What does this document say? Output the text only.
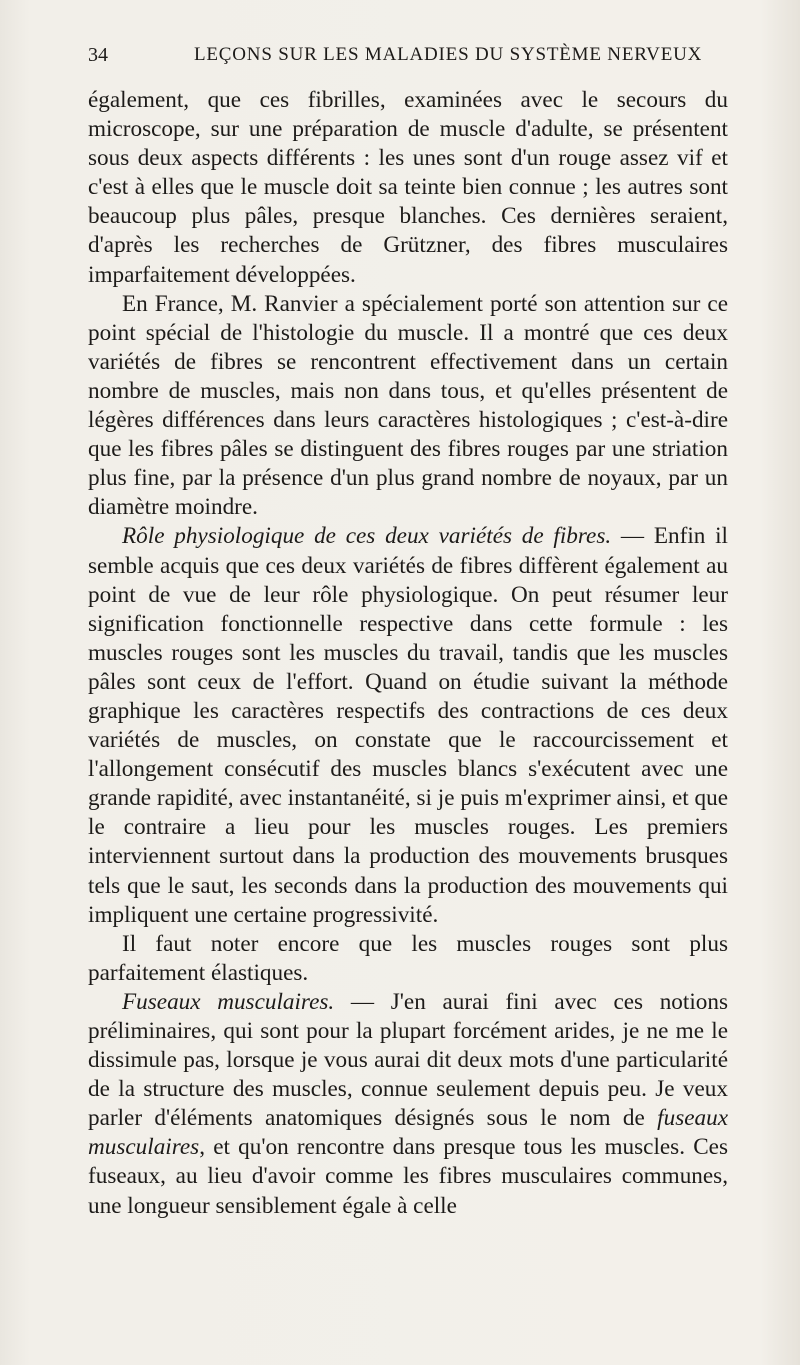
34	LEÇONS SUR LES MALADIES DU SYSTÈME NERVEUX

également, que ces fibrilles, examinées avec le secours du microscope, sur une préparation de muscle d'adulte, se présentent sous deux aspects différents : les unes sont d'un rouge assez vif et c'est à elles que le muscle doit sa teinte bien connue ; les autres sont beaucoup plus pâles, presque blanches. Ces dernières seraient, d'après les recherches de Grützner, des fibres musculaires imparfaitement développées.

En France, M. Ranvier a spécialement porté son attention sur ce point spécial de l'histologie du muscle. Il a montré que ces deux variétés de fibres se rencontrent effectivement dans un certain nombre de muscles, mais non dans tous, et qu'elles présentent de légères différences dans leurs caractères histologiques ; c'est-à-dire que les fibres pâles se distinguent des fibres rouges par une striation plus fine, par la présence d'un plus grand nombre de noyaux, par un diamètre moindre.

Rôle physiologique de ces deux variétés de fibres. — Enfin il semble acquis que ces deux variétés de fibres diffèrent également au point de vue de leur rôle physiologique. On peut résumer leur signification fonctionnelle respective dans cette formule : les muscles rouges sont les muscles du travail, tandis que les muscles pâles sont ceux de l'effort. Quand on étudie suivant la méthode graphique les caractères respectifs des contractions de ces deux variétés de muscles, on constate que le raccourcissement et l'allongement consécutif des muscles blancs s'exécutent avec une grande rapidité, avec instantanéité, si je puis m'exprimer ainsi, et que le contraire a lieu pour les muscles rouges. Les premiers interviennent surtout dans la production des mouvements brusques tels que le saut, les seconds dans la production des mouvements qui impliquent une certaine progressivité.

Il faut noter encore que les muscles rouges sont plus parfaitement élastiques.

Fuseaux musculaires. — J'en aurai fini avec ces notions préliminaires, qui sont pour la plupart forcément arides, je ne me le dissimule pas, lorsque je vous aurai dit deux mots d'une particularité de la structure des muscles, connue seulement depuis peu. Je veux parler d'éléments anatomiques désignés sous le nom de fuseaux musculaires, et qu'on rencontre dans presque tous les muscles. Ces fuseaux, au lieu d'avoir comme les fibres musculaires communes, une longueur sensiblement égale à celle
